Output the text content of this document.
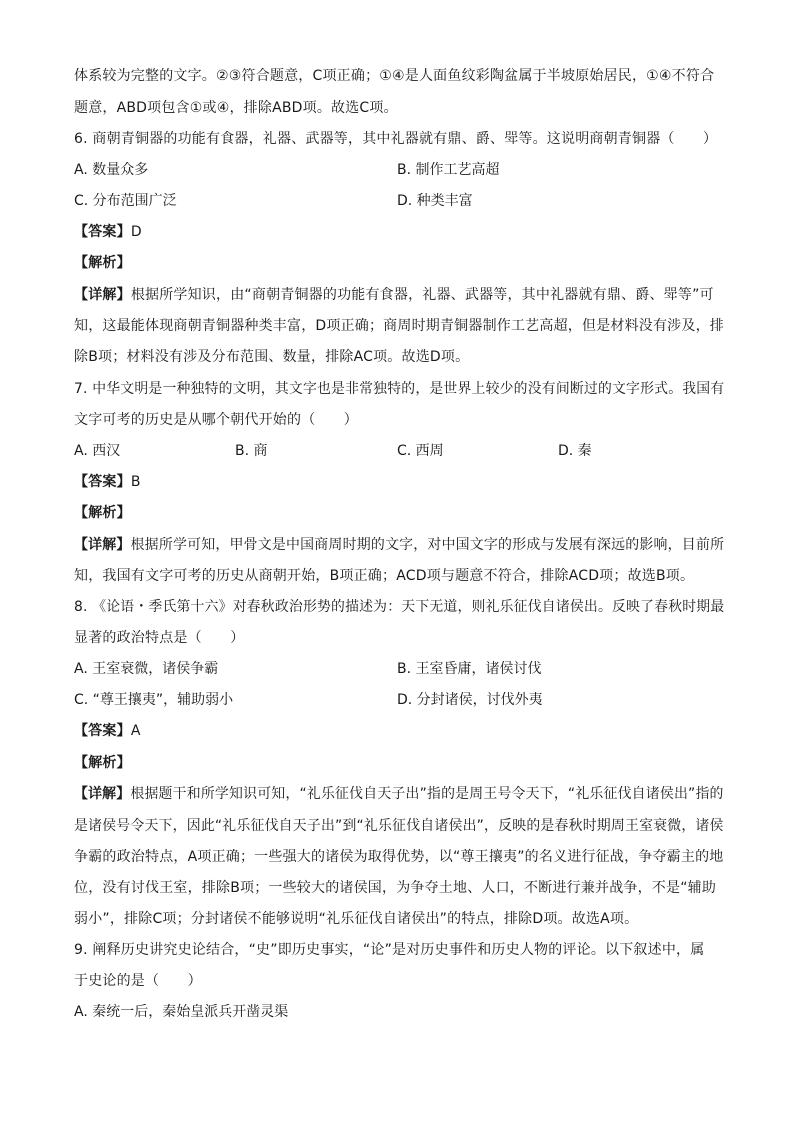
体系较为完整的文字。②③符合题意，C项正确；①④是人面鱼纹彩陶盆属于半坡原始居民，①④不符合
题意，ABD项包含①或④，排除ABD项。故选C项。
6. 商朝青铜器的功能有食器，礼器、武器等，其中礼器就有鼎、爵、斝等。这说明商朝青铜器（　　）
A. 数量众多	B. 制作工艺高超
C. 分布范围广泛	D. 种类丰富
【答案】D
【解析】
【详解】根据所学知识，由“商朝青铜器的功能有食器，礼器、武器等，其中礼器就有鼎、爵、斝等”可
知，这最能体现商朝青铜器种类丰富，D项正确；商周时期青铜器制作工艺高超，但是材料没有涉及，排
除B项；材料没有涉及分布范围、数量，排除AC项。故选D项。
7. 中华文明是一种独特的文明，其文字也是非常独特的，是世界上较少的没有间断过的文字形式。我国有
文字可考的历史是从哪个朝代开始的（　　）
A. 西汉	B. 商	C. 西周	D. 秦
【答案】B
【解析】
【详解】根据所学可知，甲骨文是中国商周时期的文字，对中国文字的形成与发展有深远的影响，目前所
知，我国有文字可考的历史从商朝开始，B项正确；ACD项与题意不符合，排除ACD项；故选B项。
8. 《论语・季氏第十六》对春秋政治形势的描述为：天下无道，则礼乐征伐自诸侯出。反映了春秋时期最
显著的政治特点是（　　）
A. 王室衰微，诸侯争霸	B. 王室昏庸，诸侯讨伐
C. “尊王攘夷”，辅助弱小	D. 分封诸侯，讨伐外夷
【答案】A
【解析】
【详解】根据题干和所学知识可知，“礼乐征伐自天子出”指的是周王号令天下，“礼乐征伐自诸侯出”指的
是诸侯号令天下，因此“礼乐征伐自天子出”到“礼乐征伐自诸侯出”，反映的是春秋时期周王室衰微，诸侯
争霸的政治特点，A项正确；一些强大的诸侯为取得优势，以“尊王攘夷”的名义进行征战，争夺霸主的地
位，没有讨伐王室，排除B项；一些较大的诸侯国，为争夺土地、人口，不断进行兼并战争，不是“辅助
弱小”，排除C项；分封诸侯不能够说明“礼乐征伐自诸侯出”的特点，排除D项。故选A项。
9. 阐释历史讲究史论结合，“史”即历史事实，“论”是对历史事件和历史人物的评论。以下叙述中，属
于史论的是（　　）
A. 秦统一后，秦始皇派兵开凿灵渠
